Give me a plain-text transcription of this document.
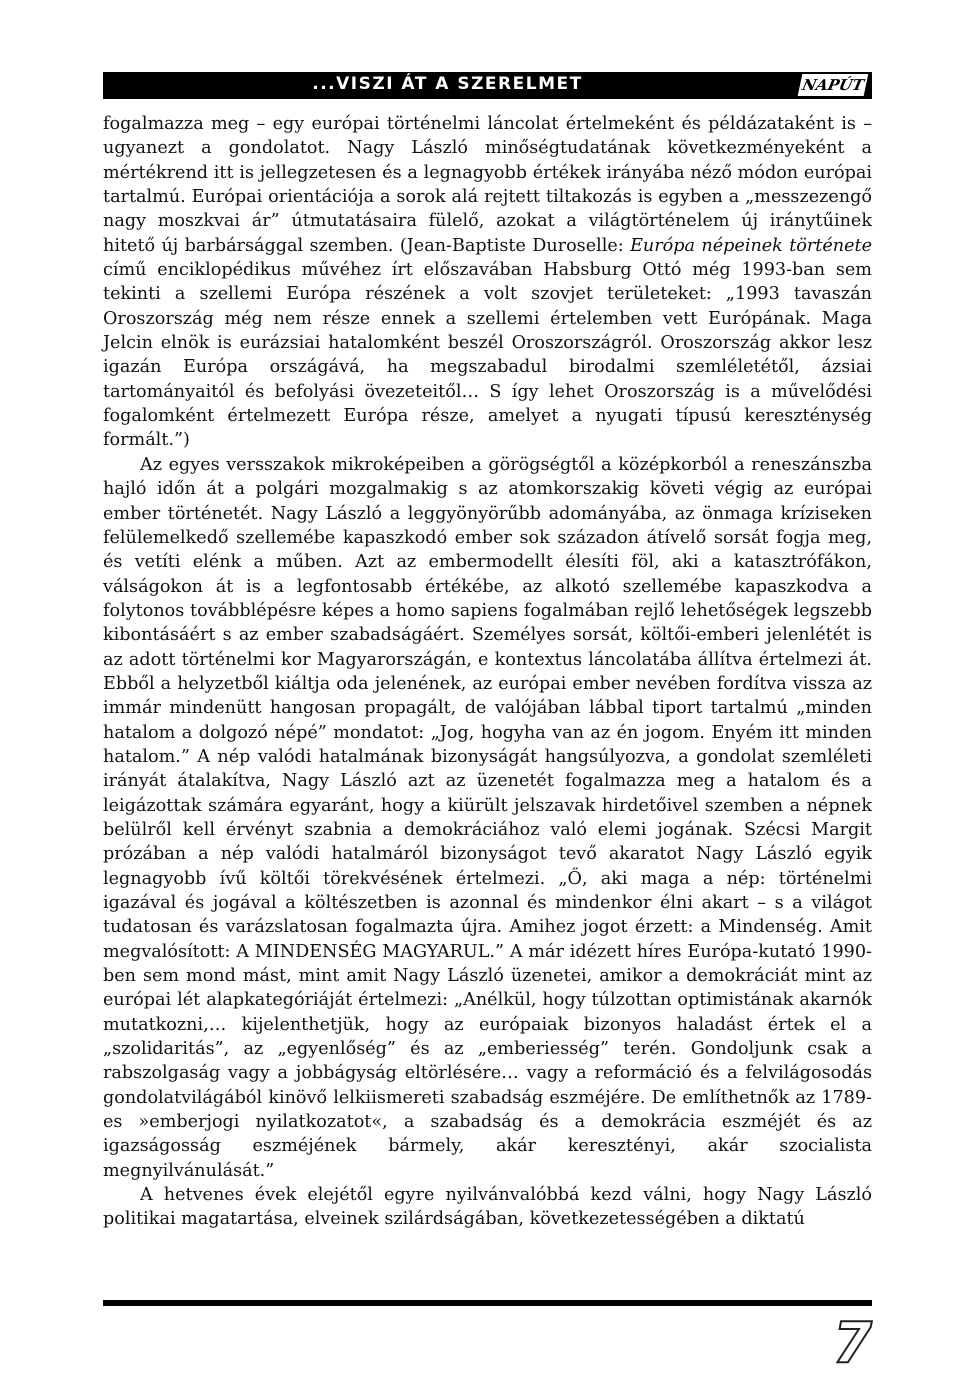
...VISZI ÁT A SZERELMET	NAPÚT

fogalmazza meg – egy európai történelmi láncolat értelmeként és példázataként is – ugyanezt a gondolatot. Nagy László minőségtudatának következményeként a mértékrend itt is jellegzetesen és a legnagyobb értékek irányába néző módon európai tartalmú. Európai orientációja a sorok alá rejtett tiltakozás is egyben a „messzezengő nagy moszkvai ár” útmutatásaira fülelő, azokat a világtörténelem új iránytűinek hitető új barbársággal szemben. (Jean-Baptiste Duroselle: Európa népeinek története című enciklopédikus művéhez írt előszavában Habsburg Ottó még 1993-ban sem tekinti a szellemi Európa részének a volt szovjet területeket: „1993 tavaszán Oroszország még nem része ennek a szellemi értelemben vett Európának. Maga Jelcin elnök is eurázsiai hatalomként beszél Oroszországról. Oroszország akkor lesz igazán Európa országává, ha megszabadul birodalmi szemléletétől, ázsiai tartományaitól és befolyási övezeteitől… S így lehet Oroszország is a művelődési fogalomként értelmezett Európa része, amelyet a nyugati típusú kereszténység formált.”)

Az egyes versszakok mikroképeiben a görögségtől a középkorból a reneszánszba hajló időn át a polgári mozgalmakig s az atomkorszakig követi végig az európai ember történetét. Nagy László a leggyönyörűbb adományába, az önmaga kríziseken felülemelkedő szellemébe kapaszkodó ember sok századon átívelő sorsát fogja meg, és vetíti elénk a műben. Azt az embermodellt élesíti föl, aki a katasztrófákon, válságokon át is a legfontosabb értékébe, az alkotó szellemébe kapaszkodva a folytonos továbblépésre képes a homo sapiens fogalmában rejlő lehetőségek legszebb kibontásáért s az ember szabadságáért. Személyes sorsát, költői-emberi jelenlétét is az adott történelmi kor Magyarországán, e kontextus láncolatába állítva értelmezi át. Ebből a helyzetből kiáltja oda jelenének, az európai ember nevében fordítva vissza az immár mindenütt hangosan propagált, de valójában lábbal tiport tartalmú „minden hatalom a dolgozó népé” mondatot: „Jog, hogyha van az én jogom. Enyém itt minden hatalom.” A nép valódi hatalmának bizonyságát hangsúlyozva, a gondolat szemléleti irányát átalakítva, Nagy László azt az üzenetét fogalmazza meg a hatalom és a leigázottak számára egyaránt, hogy a kiürült jelszavak hirdetőivel szemben a népnek belülről kell érvényt szabnia a demokráciához való elemi jogának. Szécsi Margit prózában a nép valódi hatalmáról bizonyságot tevő akaratot Nagy László egyik legnagyobb ívű költői törekvésének értelmezi. „Ő, aki maga a nép: történelmi igazával és jogával a költészetben is azonnal és mindenkor élni akart – s a világot tudatosan és varázslatosan fogalmazta újra. Amihez jogot érzett: a Mindenség. Amit megvalósított: A MINDENSÉG MAGYARUL.” A már idézett híres Európa-kutató 1990-ben sem mond mást, mint amit Nagy László üzenetei, amikor a demokráciát mint az európai lét alapkategóriáját értelmezi: „Anélkül, hogy túlzottan optimistának akarnók mutatkozni,… kijelenthetjük, hogy az európaiak bizonyos haladást értek el a „szolidaritás”, az „egyenlőség” és az „emberiesség” terén. Gondoljunk csak a rabszolgaság vagy a jobbágyság eltörlésére… vagy a reformáció és a felvilágosodás gondolatvilágából kinövő lelkiismereti szabadság eszméjére. De említhetnők az 1789-es »emberjogi nyilatkozatot«, a szabadság és a demokrácia eszméjét és az igazságosság eszméjének bármely, akár keresztényi, akár szocialista megnyilvánulását.”

A hetvenes évek elejétől egyre nyilvánvalóbbá kezd válni, hogy Nagy László politikai magatartása, elveinek szilárdságában, következetességében a diktatú

7
